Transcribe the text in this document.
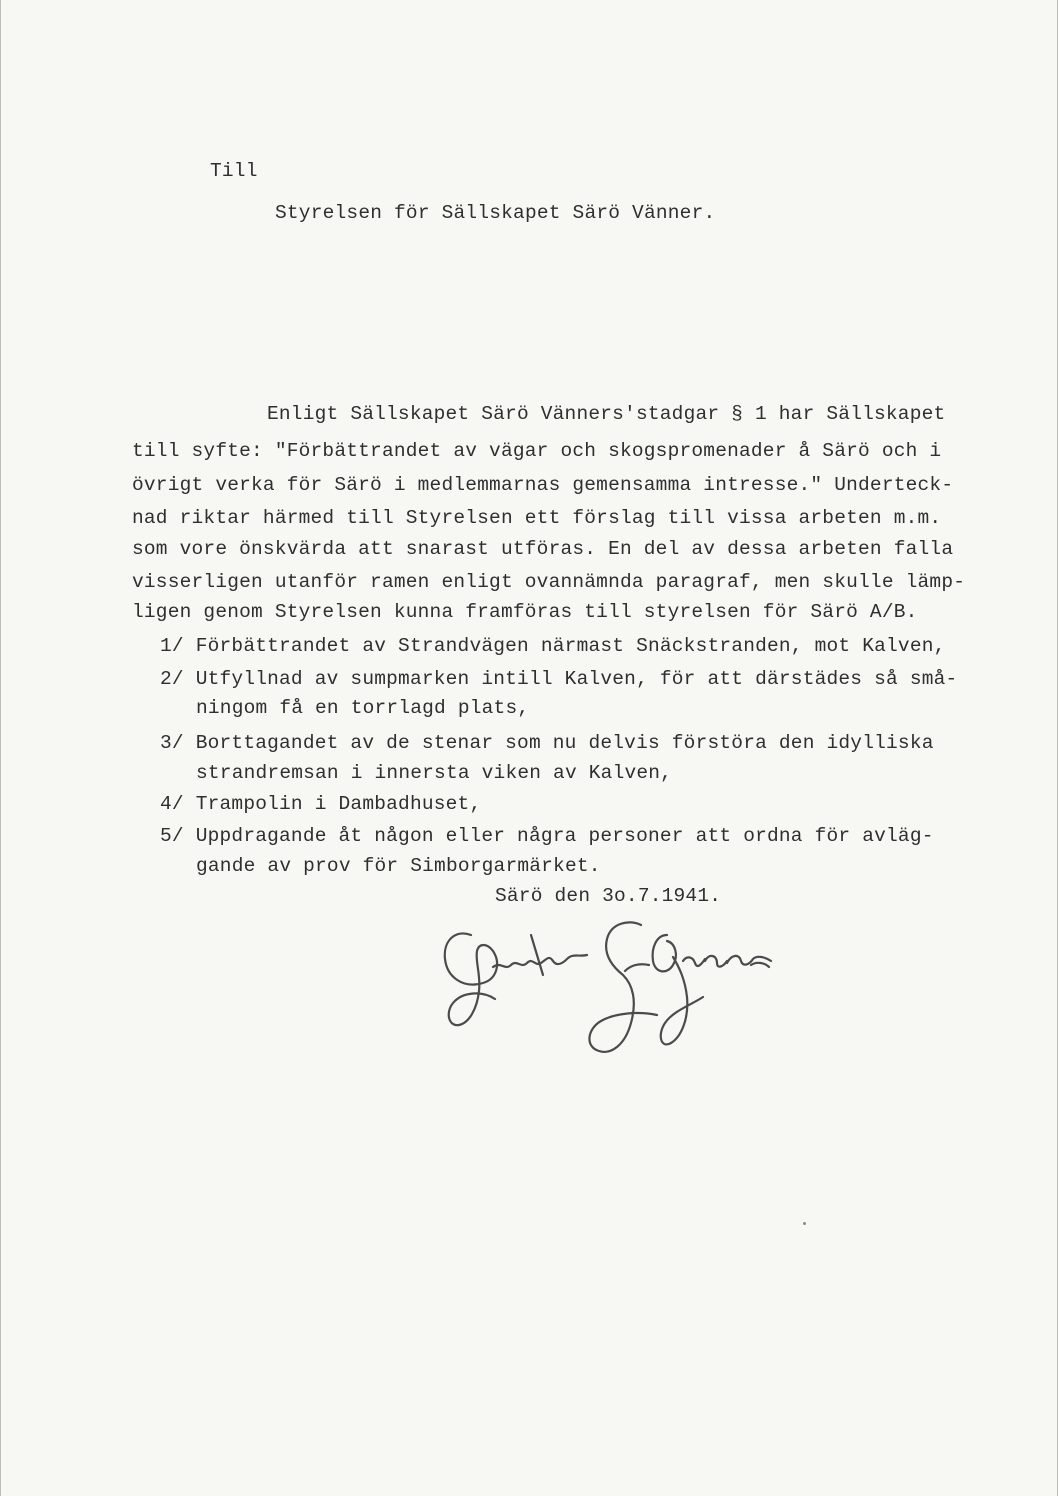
Till
Styrelsen för Sällskapet Särö Vänner.
Enligt Sällskapet Särö Vänners'stadgar § 1 har Sällskapet
till syfte: "Förbättrandet av vägar och skogspromenader å Särö och i
övrigt verka för Särö i medlemmarnas gemensamma intresse." Underteck-
nad riktar härmed till Styrelsen ett förslag till vissa arbeten m.m.
som vore önskvärda att snarast utföras. En del av dessa arbeten falla
visserligen utanför ramen enligt ovannämnda paragraf, men skulle lämp-
ligen genom Styrelsen kunna framföras till styrelsen för Särö A/B.
1/ Förbättrandet av Strandvägen närmast Snäckstranden, mot Kalven,
2/ Utfyllnad av sumpmarken intill Kalven, för att därstädes så små-
ningom få en torrlagd plats,
3/ Borttagandet av de stenar som nu delvis förstöra den idylliska
strandremsan i innersta viken av Kalven,
4/ Trampolin i Dambadhuset,
5/ Uppdragande åt någon eller några personer att ordna för avläg-
gande av prov för Simborgarmärket.
Särö den 3o.7.1941.
